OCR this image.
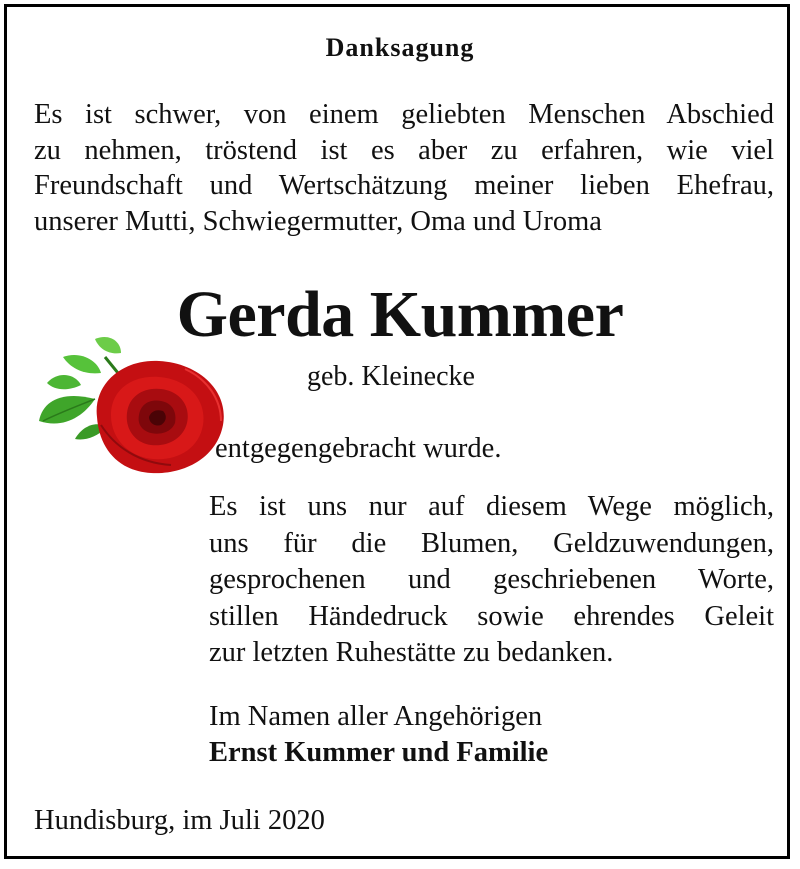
Danksagung
Es ist schwer, von einem geliebten Menschen Abschied
zu nehmen, tröstend ist es aber zu erfahren, wie viel
Freundschaft und Wertschätzung meiner lieben Ehefrau,
unserer Mutti, Schwiegermutter, Oma und Uroma
Gerda Kummer
geb. Kleinecke
entgegengebracht wurde.
Es ist uns nur auf diesem Wege möglich,
uns für die Blumen, Geldzuwendungen,
gesprochenen und geschriebenen Worte,
stillen Händedruck sowie ehrendes Geleit
zur letzten Ruhestätte zu bedanken.
Im Namen aller Angehörigen
Ernst Kummer und Familie
Hundisburg, im Juli 2020
